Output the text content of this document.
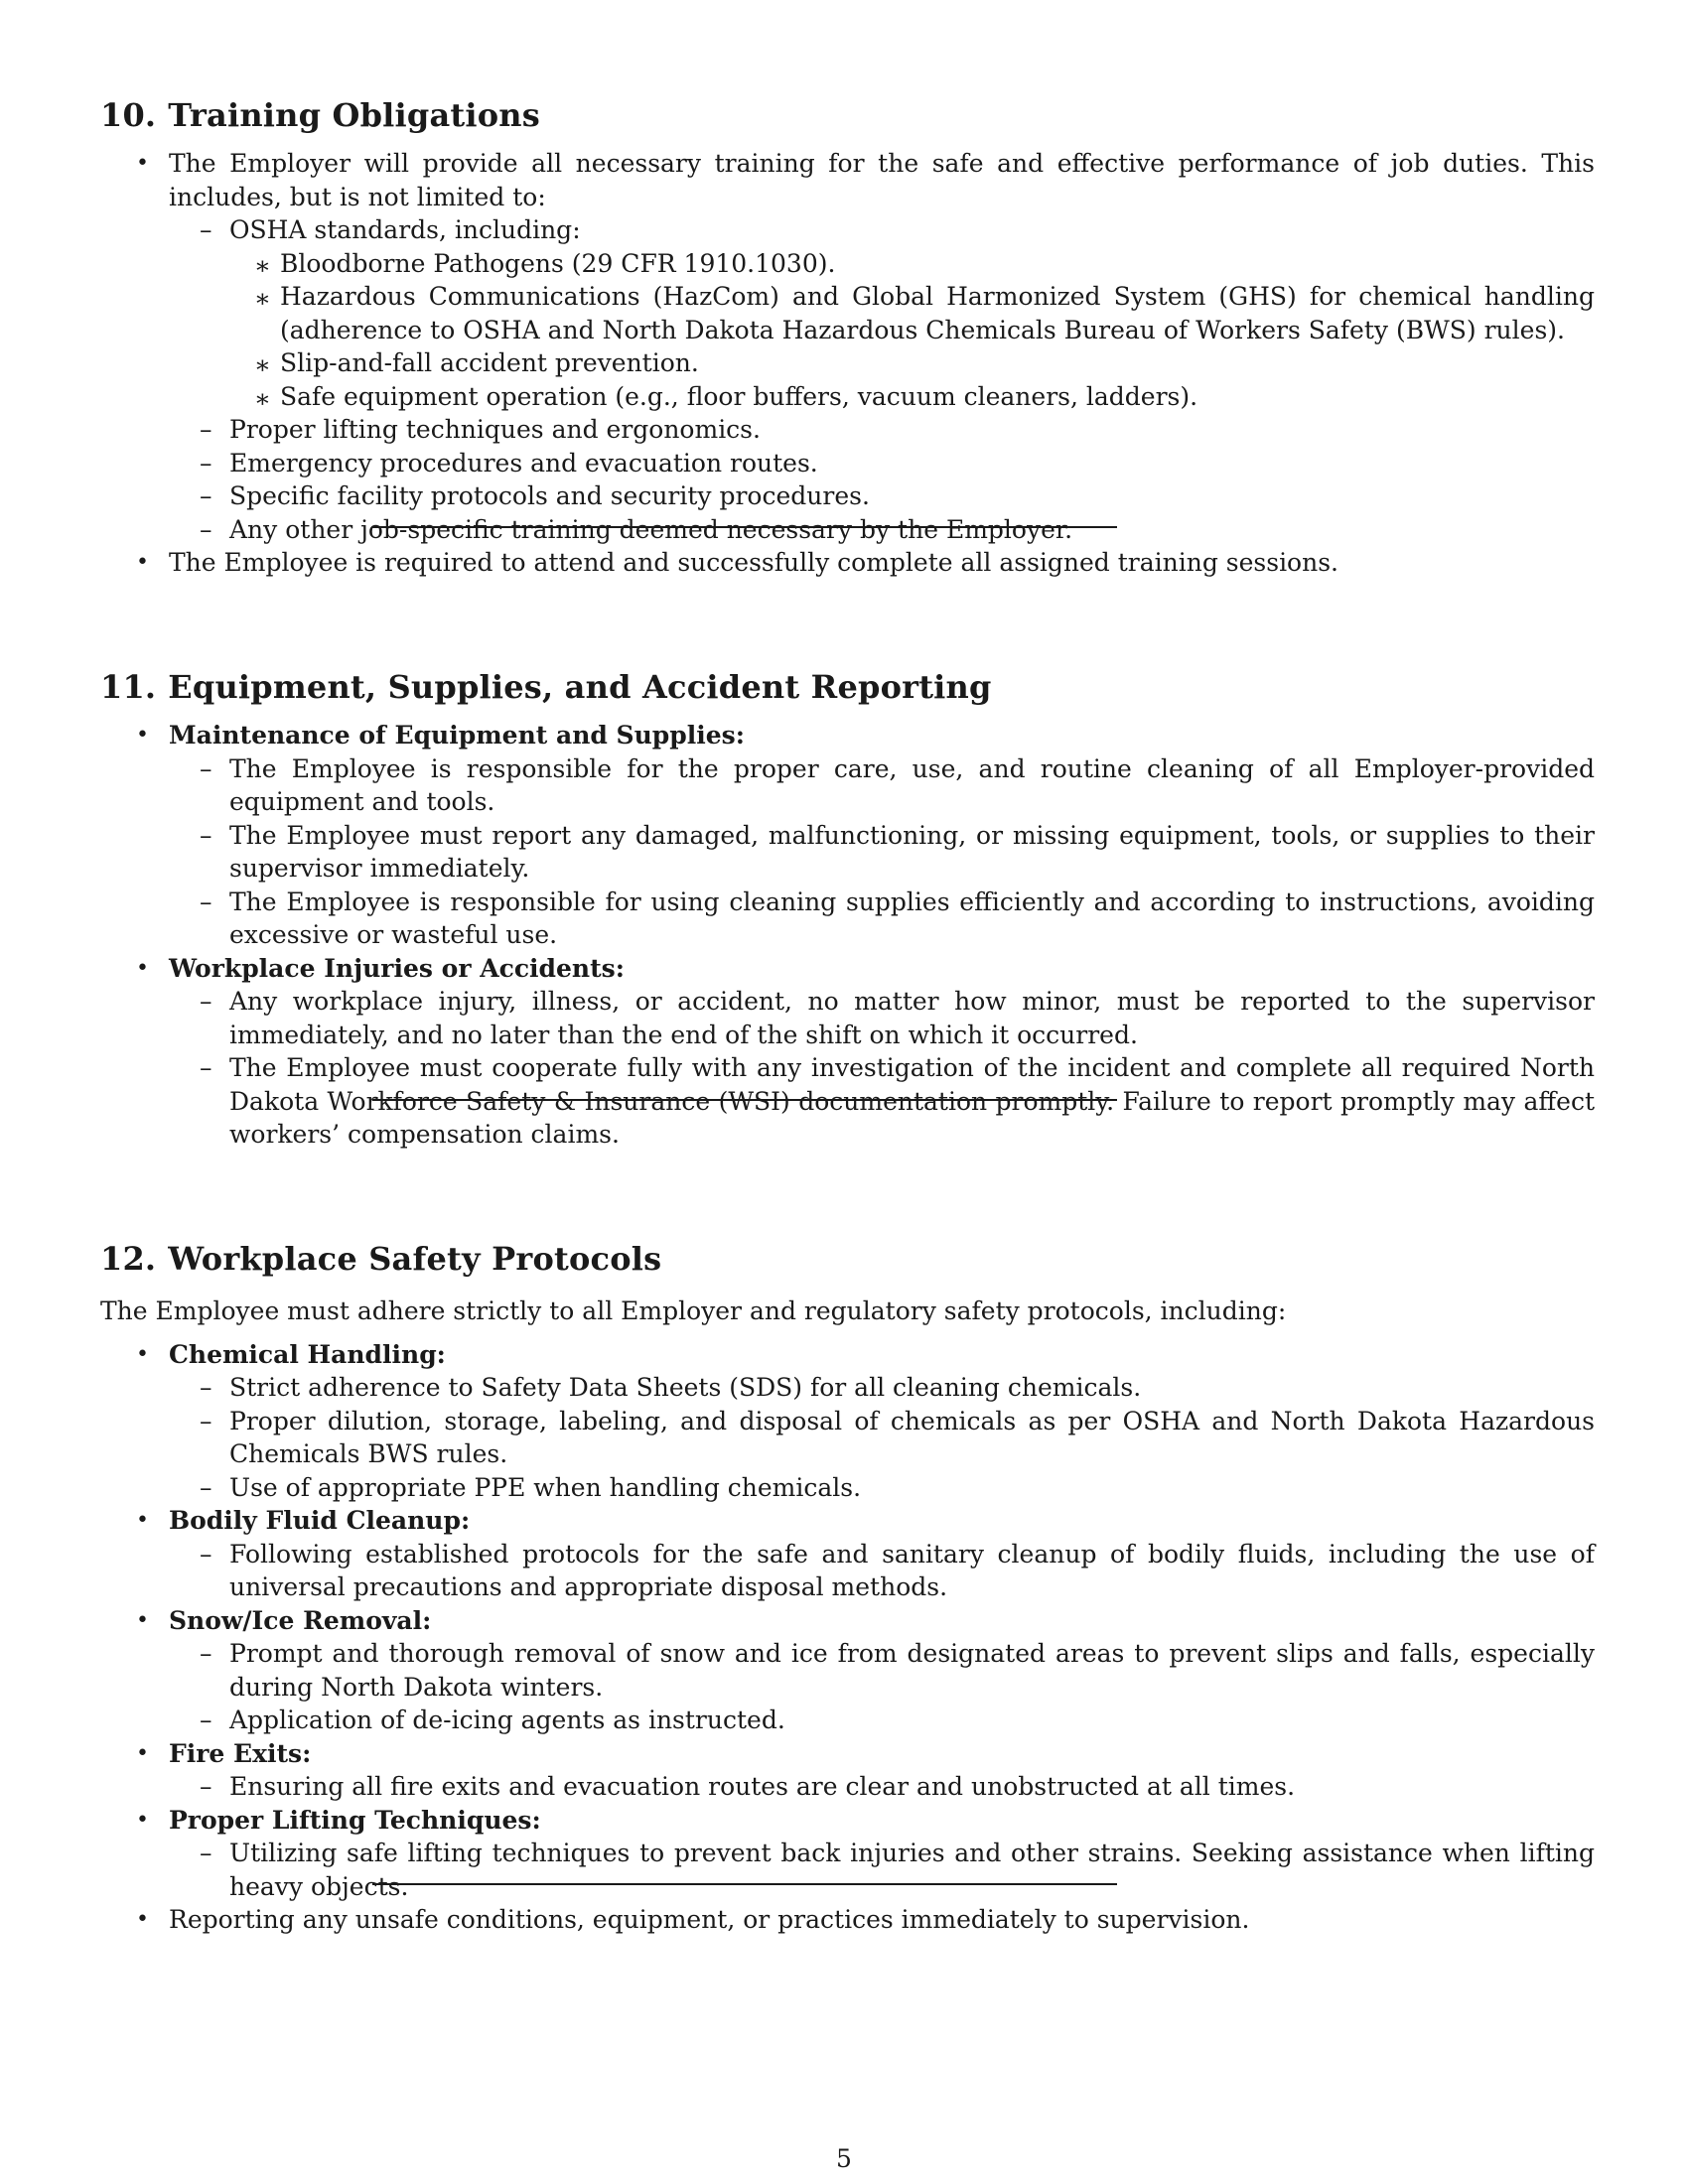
10. Training Obligations
• The Employer will provide all necessary training for the safe and effective performance of job duties. This includes, but is not limited to:
– OSHA standards, including:
∗ Bloodborne Pathogens (29 CFR 1910.1030).
∗ Hazardous Communications (HazCom) and Global Harmonized System (GHS) for chemical handling (adherence to OSHA and North Dakota Hazardous Chemicals Bureau of Workers Safety (BWS) rules).
∗ Slip-and-fall accident prevention.
∗ Safe equipment operation (e.g., floor buffers, vacuum cleaners, ladders).
– Proper lifting techniques and ergonomics.
– Emergency procedures and evacuation routes.
– Specific facility protocols and security procedures.
– Any other job-specific training deemed necessary by the Employer.
• The Employee is required to attend and successfully complete all assigned training sessions.
11. Equipment, Supplies, and Accident Reporting
• Maintenance of Equipment and Supplies:
– The Employee is responsible for the proper care, use, and routine cleaning of all Employer-provided equipment and tools.
– The Employee must report any damaged, malfunctioning, or missing equipment, tools, or supplies to their supervisor immediately.
– The Employee is responsible for using cleaning supplies efficiently and according to instructions, avoiding excessive or wasteful use.
• Workplace Injuries or Accidents:
– Any workplace injury, illness, or accident, no matter how minor, must be reported to the supervisor immediately, and no later than the end of the shift on which it occurred.
– The Employee must cooperate fully with any investigation of the incident and complete all required North Dakota Workforce Safety & Insurance (WSI) documentation promptly. Failure to report promptly may affect workers’ compensation claims.
12. Workplace Safety Protocols

The Employee must adhere strictly to all Employer and regulatory safety protocols, including:

• Chemical Handling:
– Strict adherence to Safety Data Sheets (SDS) for all cleaning chemicals.
– Proper dilution, storage, labeling, and disposal of chemicals as per OSHA and North Dakota Hazardous Chemicals BWS rules.
– Use of appropriate PPE when handling chemicals.
• Bodily Fluid Cleanup:
– Following established protocols for the safe and sanitary cleanup of bodily fluids, including the use of universal precautions and appropriate disposal methods.
• Snow/Ice Removal:
– Prompt and thorough removal of snow and ice from designated areas to prevent slips and falls, especially during North Dakota winters.
– Application of de-icing agents as instructed.
• Fire Exits:
– Ensuring all fire exits and evacuation routes are clear and unobstructed at all times.
• Proper Lifting Techniques:
– Utilizing safe lifting techniques to prevent back injuries and other strains. Seeking assistance when lifting heavy objects.
• Reporting any unsafe conditions, equipment, or practices immediately to supervision.
5
